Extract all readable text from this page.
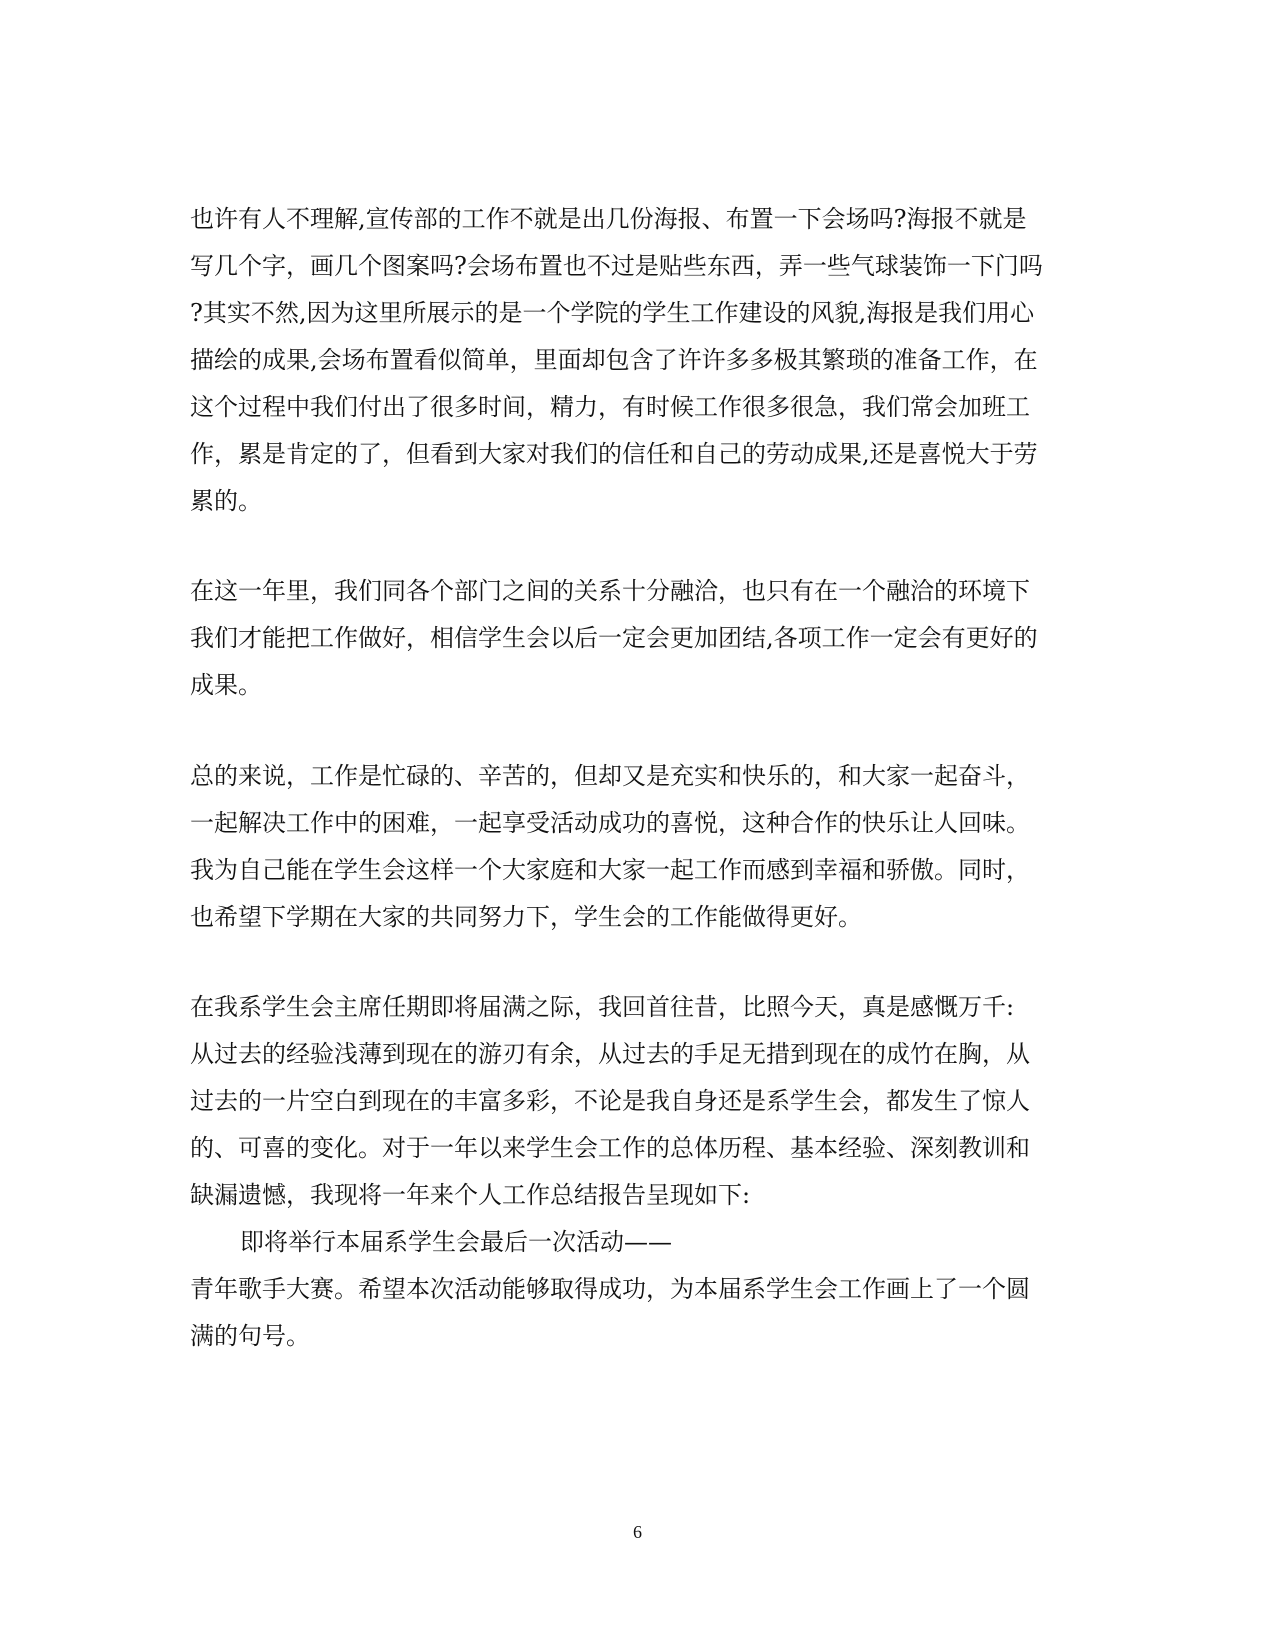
也许有人不理解,宣传部的工作不就是出几份海报、布置一下会场吗?海报不就是
写几个字，画几个图案吗?会场布置也不过是贴些东西，弄一些气球装饰一下门吗
?其实不然,因为这里所展示的是一个学院的学生工作建设的风貌,海报是我们用心
描绘的成果,会场布置看似简单，里面却包含了许许多多极其繁琐的准备工作，在
这个过程中我们付出了很多时间，精力，有时候工作很多很急，我们常会加班工
作，累是肯定的了，但看到大家对我们的信任和自己的劳动成果,还是喜悦大于劳
累的。
在这一年里，我们同各个部门之间的关系十分融洽，也只有在一个融洽的环境下
我们才能把工作做好，相信学生会以后一定会更加团结,各项工作一定会有更好的
成果。
总的来说，工作是忙碌的、辛苦的，但却又是充实和快乐的，和大家一起奋斗，
一起解决工作中的困难，一起享受活动成功的喜悦，这种合作的快乐让人回味。
我为自己能在学生会这样一个大家庭和大家一起工作而感到幸福和骄傲。同时，
也希望下学期在大家的共同努力下，学生会的工作能做得更好。
在我系学生会主席任期即将届满之际，我回首往昔，比照今天，真是感慨万千:
从过去的经验浅薄到现在的游刃有余，从过去的手足无措到现在的成竹在胸，从
过去的一片空白到现在的丰富多彩，不论是我自身还是系学生会，都发生了惊人
的、可喜的变化。对于一年以来学生会工作的总体历程、基本经验、深刻教训和
缺漏遗憾，我现将一年来个人工作总结报告呈现如下:
即将举行本届系学生会最后一次活动——
青年歌手大赛。希望本次活动能够取得成功，为本届系学生会工作画上了一个圆
满的句号。
6
